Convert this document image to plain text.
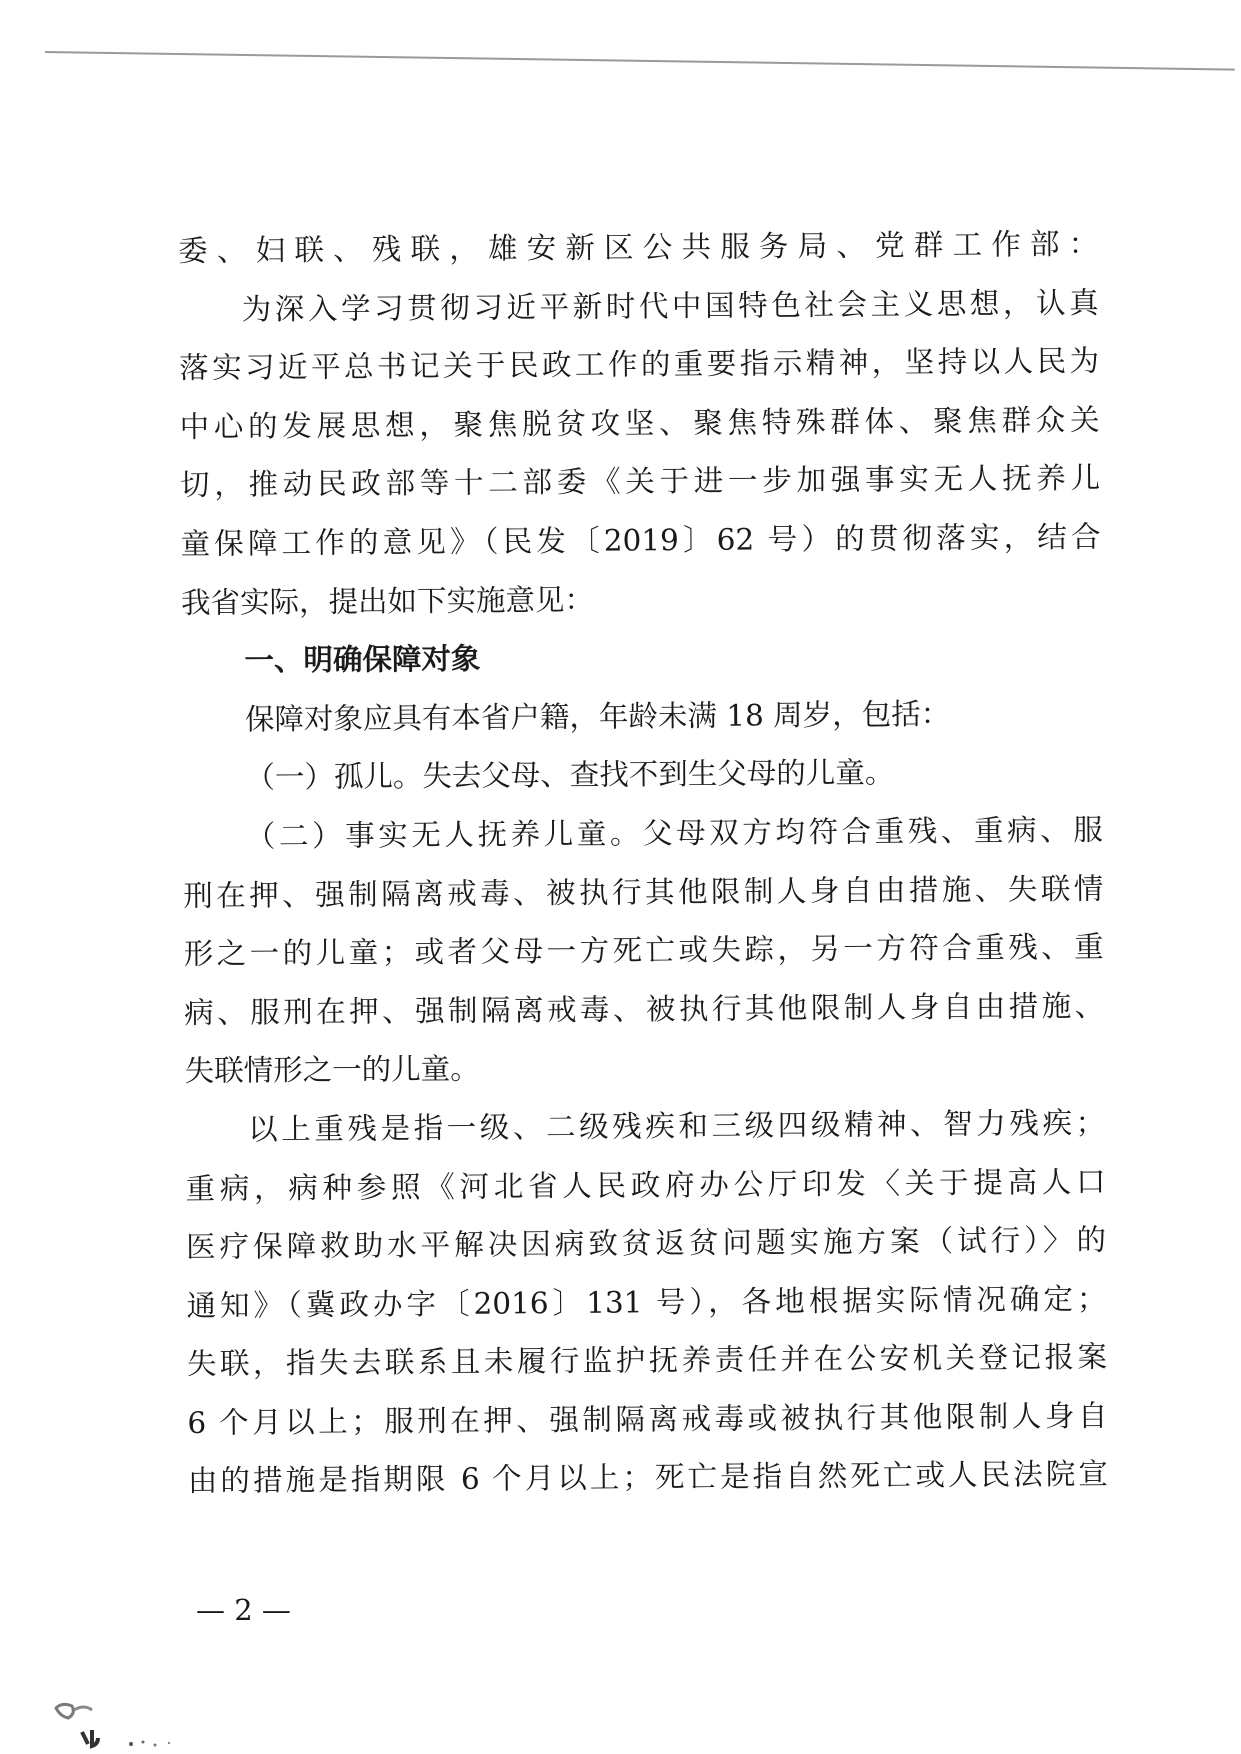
委、妇联、残联，雄安新区公共服务局、党群工作部：
为深入学习贯彻习近平新时代中国特色社会主义思想，认真
落实习近平总书记关于民政工作的重要指示精神，坚持以人民为
中心的发展思想，聚焦脱贫攻坚、聚焦特殊群体、聚焦群众关
切，推动民政部等十二部委《关于进一步加强事实无人抚养儿
童保障工作的意见》（民发〔2019〕62 号）的贯彻落实，结合
我省实际，提出如下实施意见：
一、明确保障对象
保障对象应具有本省户籍，年龄未满 18 周岁，包括：
（一）孤儿。失去父母、查找不到生父母的儿童。
（二）事实无人抚养儿童。父母双方均符合重残、重病、服
刑在押、强制隔离戒毒、被执行其他限制人身自由措施、失联情
形之一的儿童；或者父母一方死亡或失踪，另一方符合重残、重
病、服刑在押、强制隔离戒毒、被执行其他限制人身自由措施、
失联情形之一的儿童。
以上重残是指一级、二级残疾和三级四级精神、智力残疾；
重病，病种参照《河北省人民政府办公厅印发〈关于提高人口
医疗保障救助水平解决因病致贫返贫问题实施方案（试行）〉的
通知》（冀政办字〔2016〕131 号），各地根据实际情况确定；
失联，指失去联系且未履行监护抚养责任并在公安机关登记报案
6 个月以上；服刑在押、强制隔离戒毒或被执行其他限制人身自
由的措施是指期限 6 个月以上；死亡是指自然死亡或人民法院宣
— 2 —
